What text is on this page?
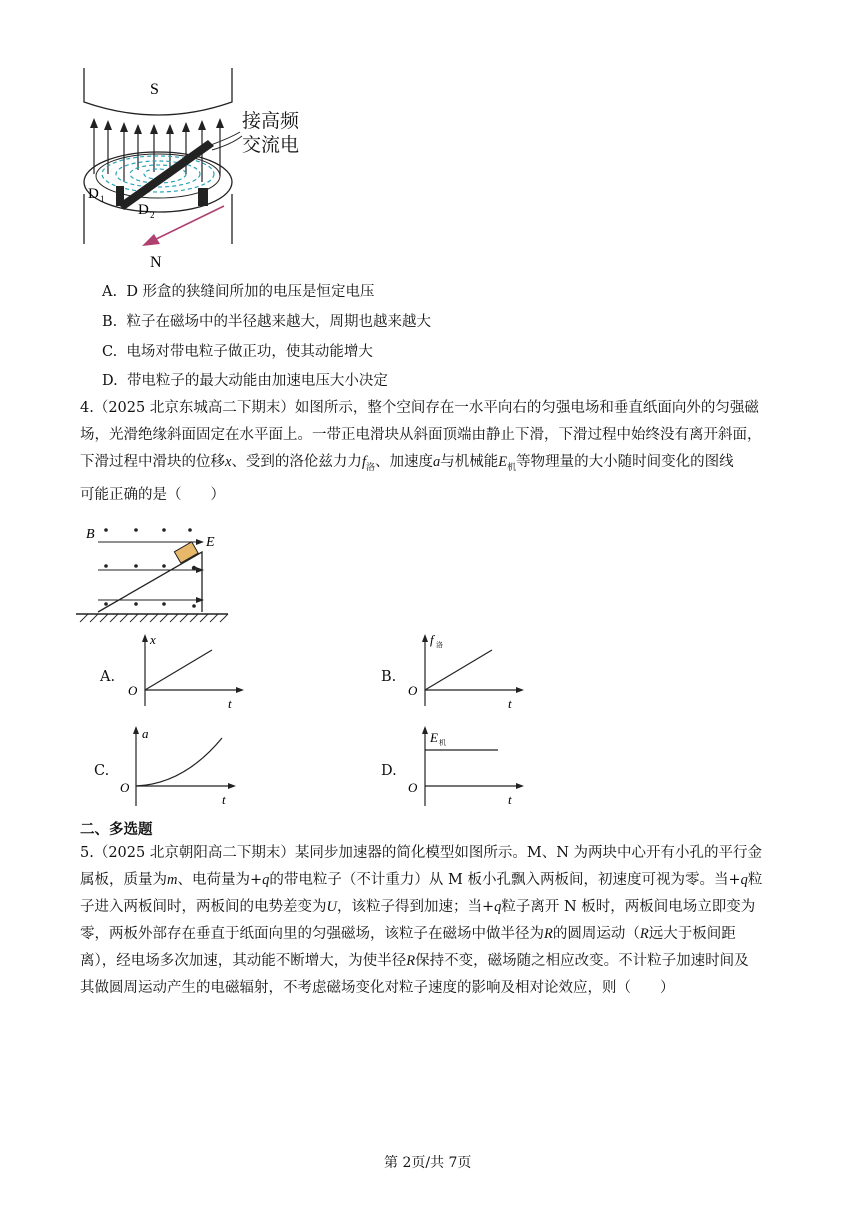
S
N
D 1
D 2
接高频
交流电
A. D 形盒的狭缝间所加的电压是恒定电压
B. 粒子在磁场中的半径越来越大，周期也越来越大
C. 电场对带电粒子做正功，使其动能增大
D. 带电粒子的最大动能由加速电压大小决定
4.（2025 北京东城高二下期末）如图所示，整个空间存在一水平向右的匀强电场和垂直纸面向外的匀强磁
场，光滑绝缘斜面固定在水平面上。一带正电滑块从斜面顶端由静止下滑，下滑过程中始终没有离开斜面，
下滑过程中滑块的位移x、受到的洛伦兹力力$f_洛$、加速度a与机械能$E_机$等物理量的大小随时间变化的图线
可能正确的是（　　）
B
E
A.
x
O
t
B.
f 洛
O
t
C.
a
O
t
D.
E 机
O
t
二、多选题
5.（2025 北京朝阳高二下期末）某同步加速器的简化模型如图所示。M、N 为两块中心开有小孔的平行金
属板，质量为m、电荷量为+q的带电粒子（不计重力）从 M 板小孔飘入两板间，初速度可视为零。当+q粒
子进入两板间时，两板间的电势差变为U，该粒子得到加速；当+q粒子离开 N 板时，两板间电场立即变为
零，两板外部存在垂直于纸面向里的匀强磁场，该粒子在磁场中做半径为R的圆周运动（R远大于板间距
离），经电场多次加速，其动能不断增大，为使半径R保持不变，磁场随之相应改变。不计粒子加速时间及
其做圆周运动产生的电磁辐射，不考虑磁场变化对粒子速度的影响及相对论效应，则（　　）
第 2页/共 7页
